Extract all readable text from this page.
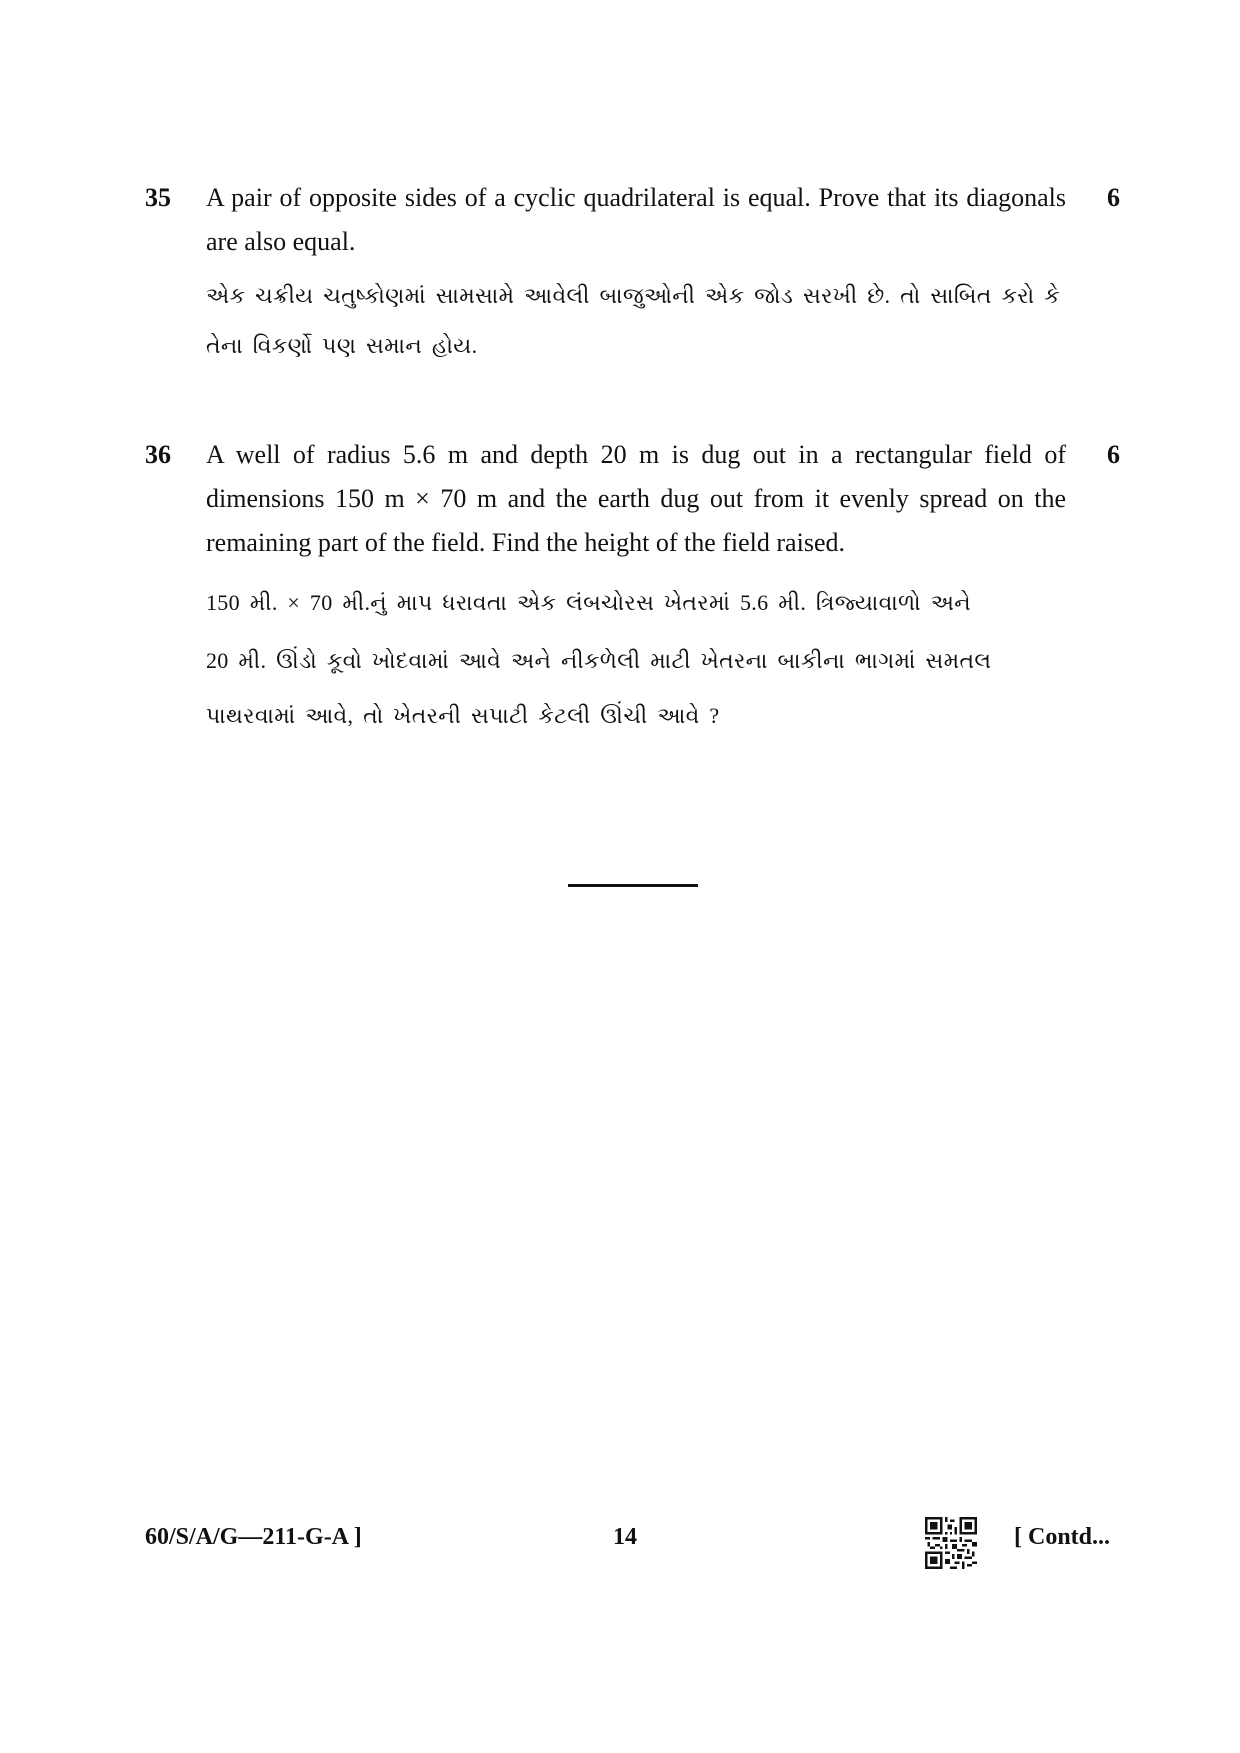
35	6
A pair of opposite sides of a cyclic quadrilateral is equal. Prove that its diagonals are also equal.
એક ચક્રીય ચતુષ્કોણમાં સામસામે આવેલી બાજુઓની એક જોડ સરખી છે. તો સાબિત કરો કે
તેના વિકર્ણો પણ સમાન હોય.
36	6
A well of radius 5.6 m and depth 20 m is dug out in a rectangular field of dimensions 150 m × 70 m and the earth dug out from it evenly spread on the remaining part of the field. Find the height of the field raised.
150 મી. × 70 મી.નું માપ ધરાવતા એક લંબચોરસ ખેતરમાં 5.6 મી. ત્રિજ્યાવાળો અને
20 મી. ઊંડો કૂવો ખોદવામાં આવે અને નીકળેલી માટી ખેતરના બાકીના ભાગમાં સમતલ
પાથરવામાં આવે, તો ખેતરની સપાટી કેટલી ઊંચી આવે ?
60/S/A/G—211-G-A ]	14	[ Contd...
